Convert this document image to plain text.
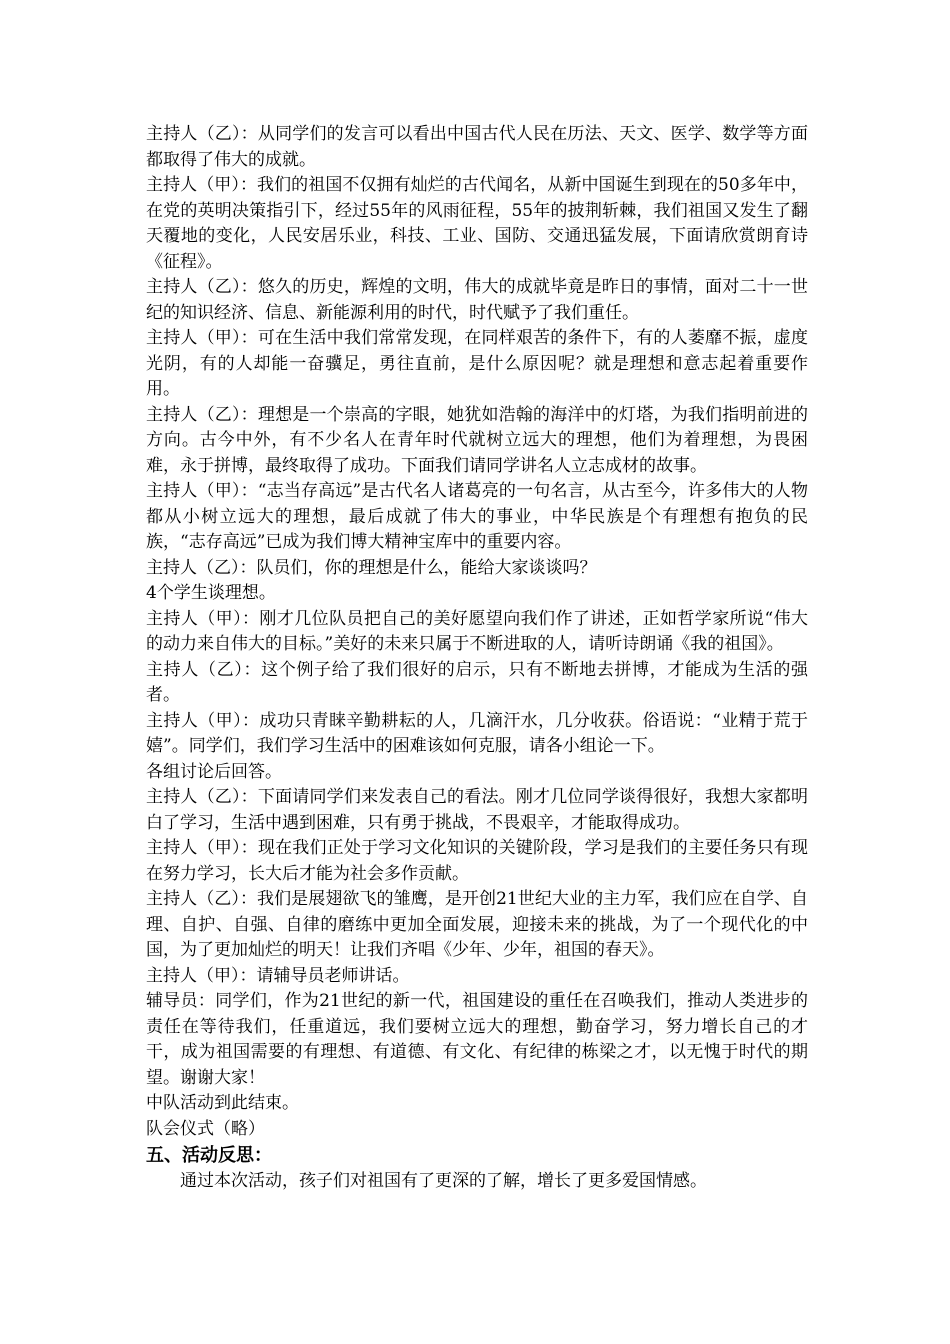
主持人（乙）：从同学们的发言可以看出中国古代人民在历法、天文、医学、数学等方面都取得了伟大的成就。

主持人（甲）：我们的祖国不仅拥有灿烂的古代闻名，从新中国诞生到现在的50多年中，在党的英明决策指引下，经过55年的风雨征程，55年的披荆斩棘，我们祖国又发生了翻天覆地的变化，人民安居乐业，科技、工业、国防、交通迅猛发展，下面请欣赏朗育诗《征程》。

主持人（乙）：悠久的历史，辉煌的文明，伟大的成就毕竟是昨日的事情，面对二十一世纪的知识经济、信息、新能源利用的时代，时代赋予了我们重任。

主持人（甲）：可在生活中我们常常发现，在同样艰苦的条件下，有的人萎靡不振，虚度光阴，有的人却能一奋骥足，勇往直前，是什么原因呢？就是理想和意志起着重要作用。

主持人（乙）：理想是一个崇高的字眼，她犹如浩翰的海洋中的灯塔，为我们指明前进的方向。古今中外，有不少名人在青年时代就树立远大的理想，他们为着理想，为畏困难，永于拼博，最终取得了成功。下面我们请同学讲名人立志成材的故事。

主持人（甲）：“志当存高远”是古代名人诸葛亮的一句名言，从古至今，许多伟大的人物都从小树立远大的理想，最后成就了伟大的事业，中华民族是个有理想有抱负的民族，“志存高远”已成为我们博大精神宝库中的重要内容。

主持人（乙）：队员们，你的理想是什么，能给大家谈谈吗？

4个学生谈理想。

主持人（甲）：刚才几位队员把自己的美好愿望向我们作了讲述，正如哲学家所说“伟大的动力来自伟大的目标。”美好的未来只属于不断进取的人，请听诗朗诵《我的祖国》。

主持人（乙）：这个例子给了我们很好的启示，只有不断地去拼博，才能成为生活的强者。

主持人（甲）：成功只青睐辛勤耕耘的人，几滴汗水，几分收获。俗语说：“业精于荒于嬉”。同学们，我们学习生活中的困难该如何克服，请各小组论一下。

各组讨论后回答。

主持人（乙）：下面请同学们来发表自己的看法。刚才几位同学谈得很好，我想大家都明白了学习，生活中遇到困难，只有勇于挑战，不畏艰辛，才能取得成功。

主持人（甲）：现在我们正处于学习文化知识的关键阶段，学习是我们的主要任务只有现在努力学习，长大后才能为社会多作贡献。

主持人（乙）：我们是展翅欲飞的雏鹰，是开创21世纪大业的主力军，我们应在自学、自理、自护、自强、自律的磨练中更加全面发展，迎接未来的挑战，为了一个现代化的中国，为了更加灿烂的明天！让我们齐唱《少年、少年，祖国的春天》。

主持人（甲）：请辅导员老师讲话。

辅导员：同学们，作为21世纪的新一代，祖国建设的重任在召唤我们，推动人类进步的责任在等待我们，任重道远，我们要树立远大的理想，勤奋学习，努力增长自己的才干，成为祖国需要的有理想、有道德、有文化、有纪律的栋梁之才，以无愧于时代的期望。谢谢大家！

中队活动到此结束。

队会仪式（略）

五、活动反思：

通过本次活动，孩子们对祖国有了更深的了解，增长了更多爱国情感。
